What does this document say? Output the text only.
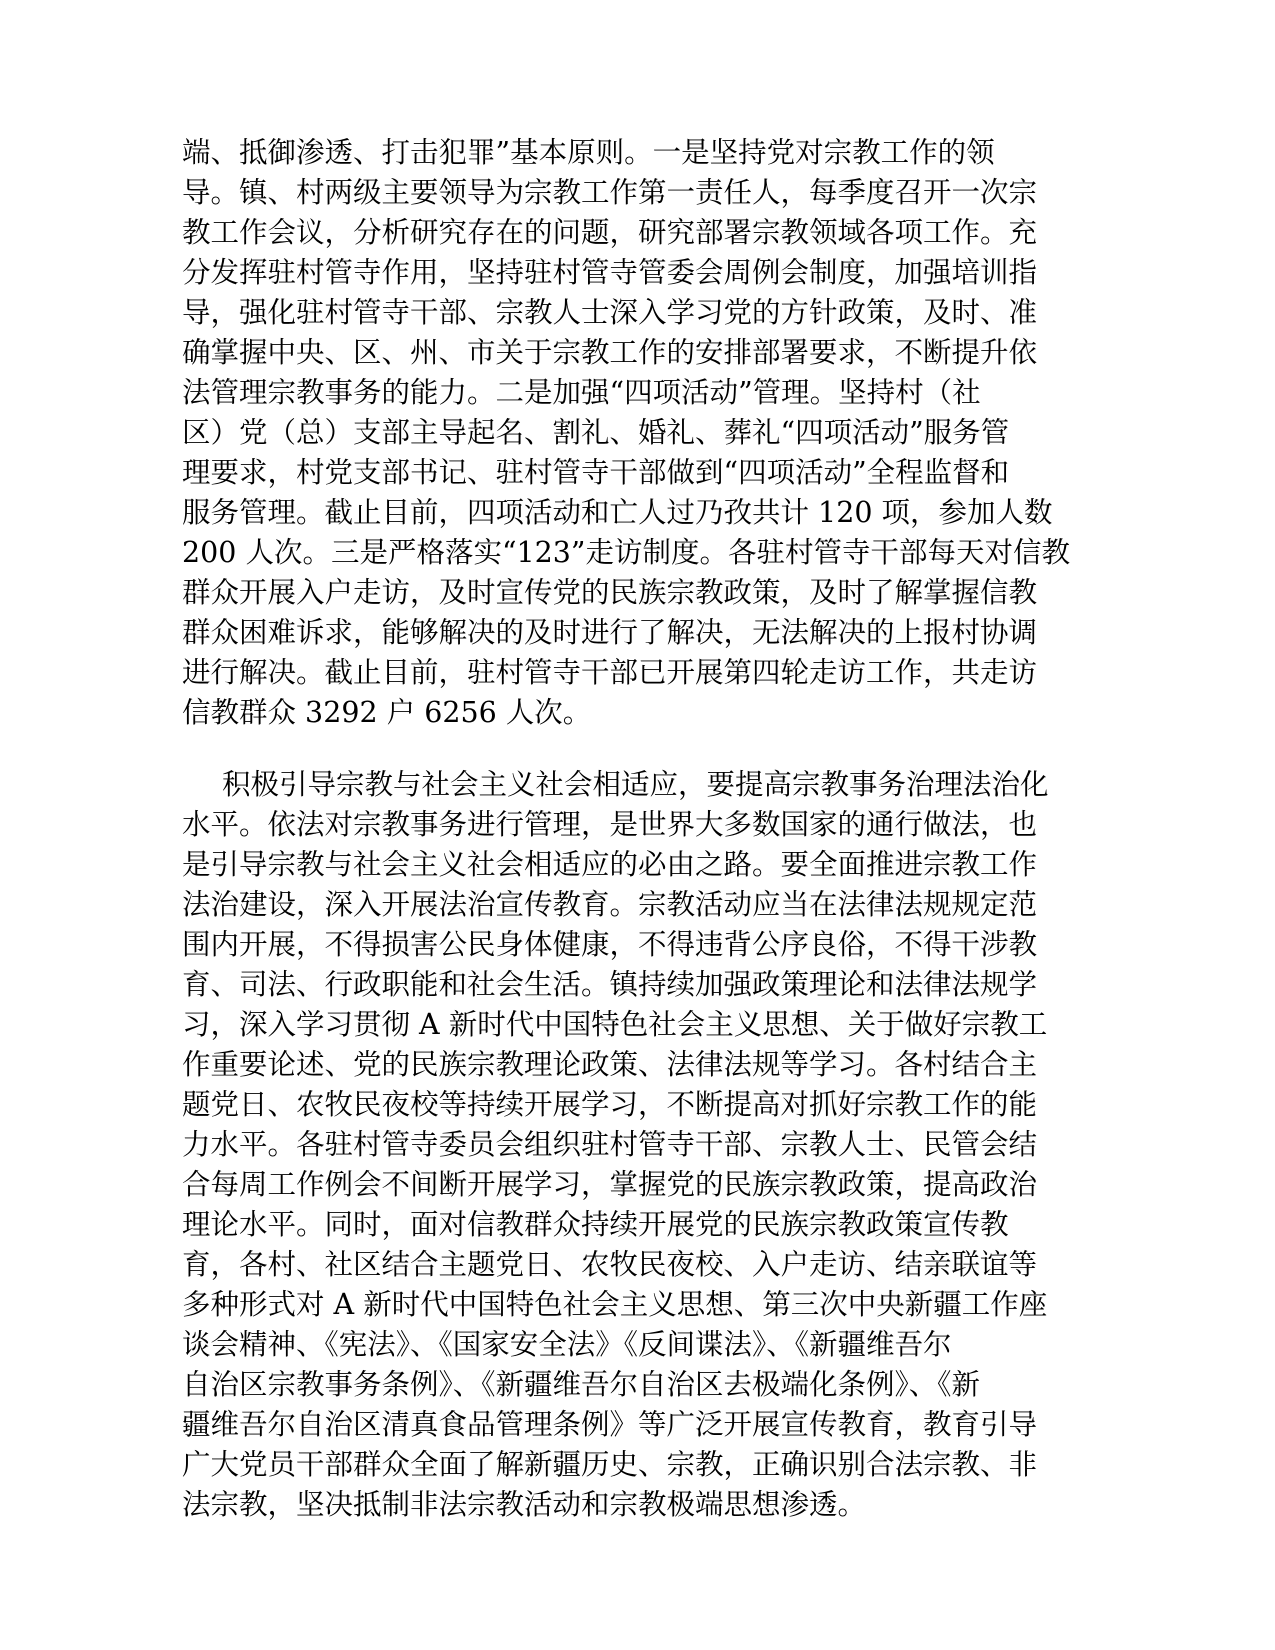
端、抵御渗透、打击犯罪”基本原则。一是坚持党对宗教工作的领
导。镇、村两级主要领导为宗教工作第一责任人，每季度召开一次宗
教工作会议，分析研究存在的问题，研究部署宗教领域各项工作。充
分发挥驻村管寺作用，坚持驻村管寺管委会周例会制度，加强培训指
导，强化驻村管寺干部、宗教人士深入学习党的方针政策，及时、准
确掌握中央、区、州、市关于宗教工作的安排部署要求，不断提升依
法管理宗教事务的能力。二是加强“四项活动”管理。坚持村（社
区）党（总）支部主导起名、割礼、婚礼、葬礼“四项活动”服务管
理要求，村党支部书记、驻村管寺干部做到“四项活动”全程监督和
服务管理。截止目前，四项活动和亡人过乃孜共计 120 项，参加人数
200 人次。三是严格落实“123”走访制度。各驻村管寺干部每天对信教
群众开展入户走访，及时宣传党的民族宗教政策，及时了解掌握信教
群众困难诉求，能够解决的及时进行了解决，无法解决的上报村协调
进行解决。截止目前，驻村管寺干部已开展第四轮走访工作，共走访
信教群众 3292 户 6256 人次。
积极引导宗教与社会主义社会相适应，要提高宗教事务治理法治化
水平。依法对宗教事务进行管理，是世界大多数国家的通行做法，也
是引导宗教与社会主义社会相适应的必由之路。要全面推进宗教工作
法治建设，深入开展法治宣传教育。宗教活动应当在法律法规规定范
围内开展，不得损害公民身体健康，不得违背公序良俗，不得干涉教
育、司法、行政职能和社会生活。镇持续加强政策理论和法律法规学
习，深入学习贯彻 A 新时代中国特色社会主义思想、关于做好宗教工
作重要论述、党的民族宗教理论政策、法律法规等学习。各村结合主
题党日、农牧民夜校等持续开展学习，不断提高对抓好宗教工作的能
力水平。各驻村管寺委员会组织驻村管寺干部、宗教人士、民管会结
合每周工作例会不间断开展学习，掌握党的民族宗教政策，提高政治
理论水平。同时，面对信教群众持续开展党的民族宗教政策宣传教
育，各村、社区结合主题党日、农牧民夜校、入户走访、结亲联谊等
多种形式对 A 新时代中国特色社会主义思想、第三次中央新疆工作座
谈会精神、《宪法》、《国家安全法》《反间谍法》、《新疆维吾尔
自治区宗教事务条例》、《新疆维吾尔自治区去极端化条例》、《新
疆维吾尔自治区清真食品管理条例》等广泛开展宣传教育，教育引导
广大党员干部群众全面了解新疆历史、宗教，正确识别合法宗教、非
法宗教，坚决抵制非法宗教活动和宗教极端思想渗透。
